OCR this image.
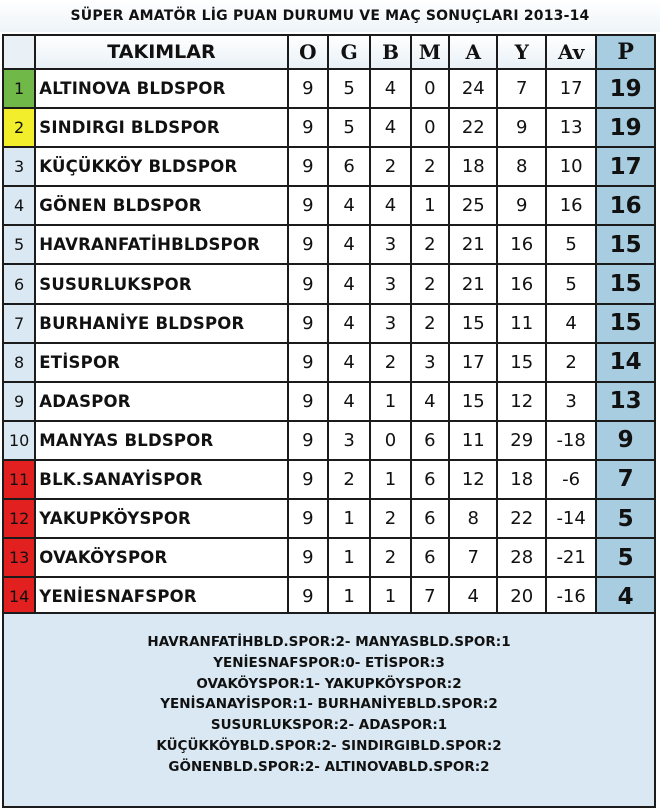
SÜPER AMATÖR LİG PUAN DURUMU VE MAÇ SONUÇLARI 2013-14
	TAKIMLAR	O	G	B	M	A	Y	Av	P
1	ALTINOVA BLDSPOR	9	5	4	0	24	7	17	19
2	SINDIRGI BLDSPOR	9	5	4	0	22	9	13	19
3	KÜÇÜKKÖY BLDSPOR	9	6	2	2	18	8	10	17
4	GÖNEN BLDSPOR	9	4	4	1	25	9	16	16
5	HAVRANFATİHBLDSPOR	9	4	3	2	21	16	5	15
6	SUSURLUKSPOR	9	4	3	2	21	16	5	15
7	BURHANİYE BLDSPOR	9	4	3	2	15	11	4	15
8	ETİSPOR	9	4	2	3	17	15	2	14
9	ADASPOR	9	4	1	4	15	12	3	13
10	MANYAS BLDSPOR	9	3	0	6	11	29	-18	9
11	BLK.SANAYİSPOR	9	2	1	6	12	18	-6	7
12	YAKUPKÖYSPOR	9	1	2	6	8	22	-14	5
13	OVAKÖYSPOR	9	1	2	6	7	28	-21	5
14	YENİESNAFSPOR	9	1	1	7	4	20	-16	4
HAVRANFATİHBLD.SPOR:2- MANYASBLD.SPOR:1
YENİESNAFSPOR:0- ETİSPOR:3
OVAKÖYSPOR:1- YAKUPKÖYSPOR:2
YENİSANAYİSPOR:1- BURHANİYEBLD.SPOR:2
SUSURLUKSPOR:2- ADASPOR:1
KÜÇÜKKÖYBLD.SPOR:2- SINDIRGIBLD.SPOR:2
GÖNENBLD.SPOR:2- ALTINOVABLD.SPOR:2
